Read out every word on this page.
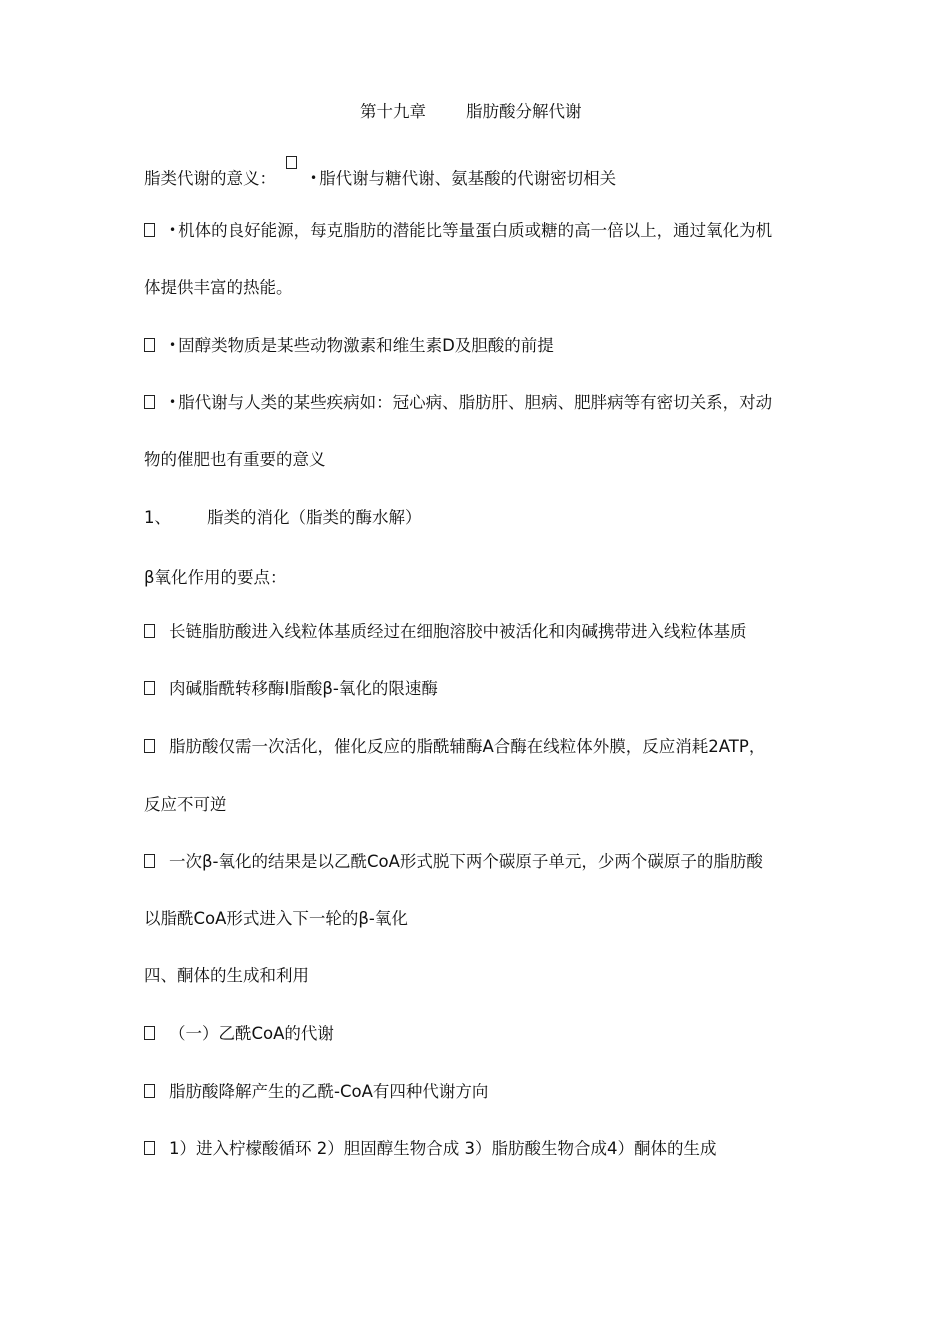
第十九章 脂肪酸分解代谢
脂类代谢的意义：	• 脂代谢与糖代谢、氨基酸的代谢密切相关
• 机体的良好能源，每克脂肪的潜能比等量蛋白质或糖的高一倍以上，通过氧化为机
体提供丰富的热能。
• 固醇类物质是某些动物激素和维生素D及胆酸的前提
• 脂代谢与人类的某些疾病如：冠心病、脂肪肝、胆病、肥胖病等有密切关系，对动
物的催肥也有重要的意义
1、 脂类的消化（脂类的酶水解）
β氧化作用的要点：
长链脂肪酸进入线粒体基质经过在细胞溶胶中被活化和肉碱携带进入线粒体基质
肉碱脂酰转移酶Ⅰ脂酸β-氧化的限速酶
脂肪酸仅需一次活化，催化反应的脂酰辅酶A合酶在线粒体外膜，反应消耗2ATP，
反应不可逆
一次β-氧化的结果是以乙酰CoA形式脱下两个碳原子单元，少两个碳原子的脂肪酸
以脂酰CoA形式进入下一轮的β-氧化
四、酮体的生成和利用
（一）乙酰CoA的代谢
脂肪酸降解产生的乙酰-CoA有四种代谢方向
1）进入柠檬酸循环 2）胆固醇生物合成 3）脂肪酸生物合成4）酮体的生成
